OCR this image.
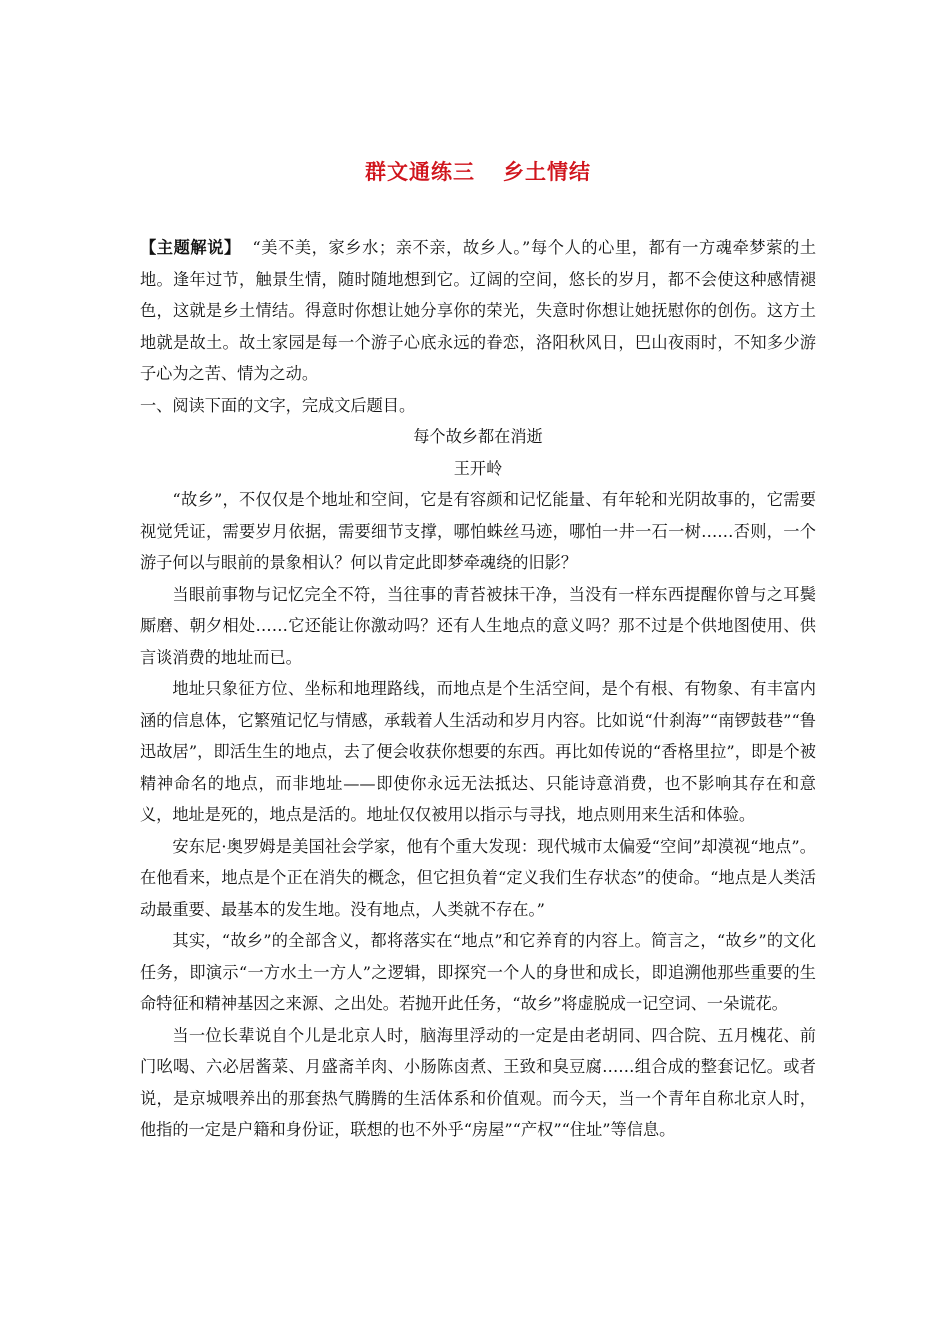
群文通练三 乡土情结

【主题解说】 “美不美，家乡水；亲不亲，故乡人。”每个人的心里，都有一方魂牵梦萦的土地。逢年过节，触景生情，随时随地想到它。辽阔的空间，悠长的岁月，都不会使这种感情褪色，这就是乡土情结。得意时你想让她分享你的荣光，失意时你想让她抚慰你的创伤。这方土地就是故土。故土家园是每一个游子心底永远的眷恋，洛阳秋风日，巴山夜雨时，不知多少游子心为之苦、情为之动。

一、阅读下面的文字，完成文后题目。

每个故乡都在消逝

王开岭

“故乡”，不仅仅是个地址和空间，它是有容颜和记忆能量、有年轮和光阴故事的，它需要视觉凭证，需要岁月依据，需要细节支撑，哪怕蛛丝马迹，哪怕一井一石一树……否则，一个游子何以与眼前的景象相认？何以肯定此即梦牵魂绕的旧影？

当眼前事物与记忆完全不符，当往事的青苔被抹干净，当没有一样东西提醒你曾与之耳鬓厮磨、朝夕相处……它还能让你激动吗？还有人生地点的意义吗？那不过是个供地图使用、供言谈消费的地址而已。

地址只象征方位、坐标和地理路线，而地点是个生活空间，是个有根、有物象、有丰富内涵的信息体，它繁殖记忆与情感，承载着人生活动和岁月内容。比如说“什刹海”“南锣鼓巷”“鲁迅故居”，即活生生的地点，去了便会收获你想要的东西。再比如传说的“香格里拉”，即是个被精神命名的地点，而非地址——即使你永远无法抵达、只能诗意消费，也不影响其存在和意义，地址是死的，地点是活的。地址仅仅被用以指示与寻找，地点则用来生活和体验。

安东尼·奥罗姆是美国社会学家，他有个重大发现：现代城市太偏爱“空间”却漠视“地点”。在他看来，地点是个正在消失的概念，但它担负着“定义我们生存状态”的使命。“地点是人类活动最重要、最基本的发生地。没有地点，人类就不存在。”

其实，“故乡”的全部含义，都将落实在“地点”和它养育的内容上。简言之，“故乡”的文化任务，即演示“一方水土一方人”之逻辑，即探究一个人的身世和成长，即追溯他那些重要的生命特征和精神基因之来源、之出处。若抛开此任务，“故乡”将虚脱成一记空词、一朵谎花。

当一位长辈说自个儿是北京人时，脑海里浮动的一定是由老胡同、四合院、五月槐花、前门吆喝、六必居酱菜、月盛斋羊肉、小肠陈卤煮、王致和臭豆腐……组合成的整套记忆。或者说，是京城喂养出的那套热气腾腾的生活体系和价值观。而今天，当一个青年自称北京人时，他指的一定是户籍和身份证，联想的也不外乎“房屋”“产权”“住址”等信息。
